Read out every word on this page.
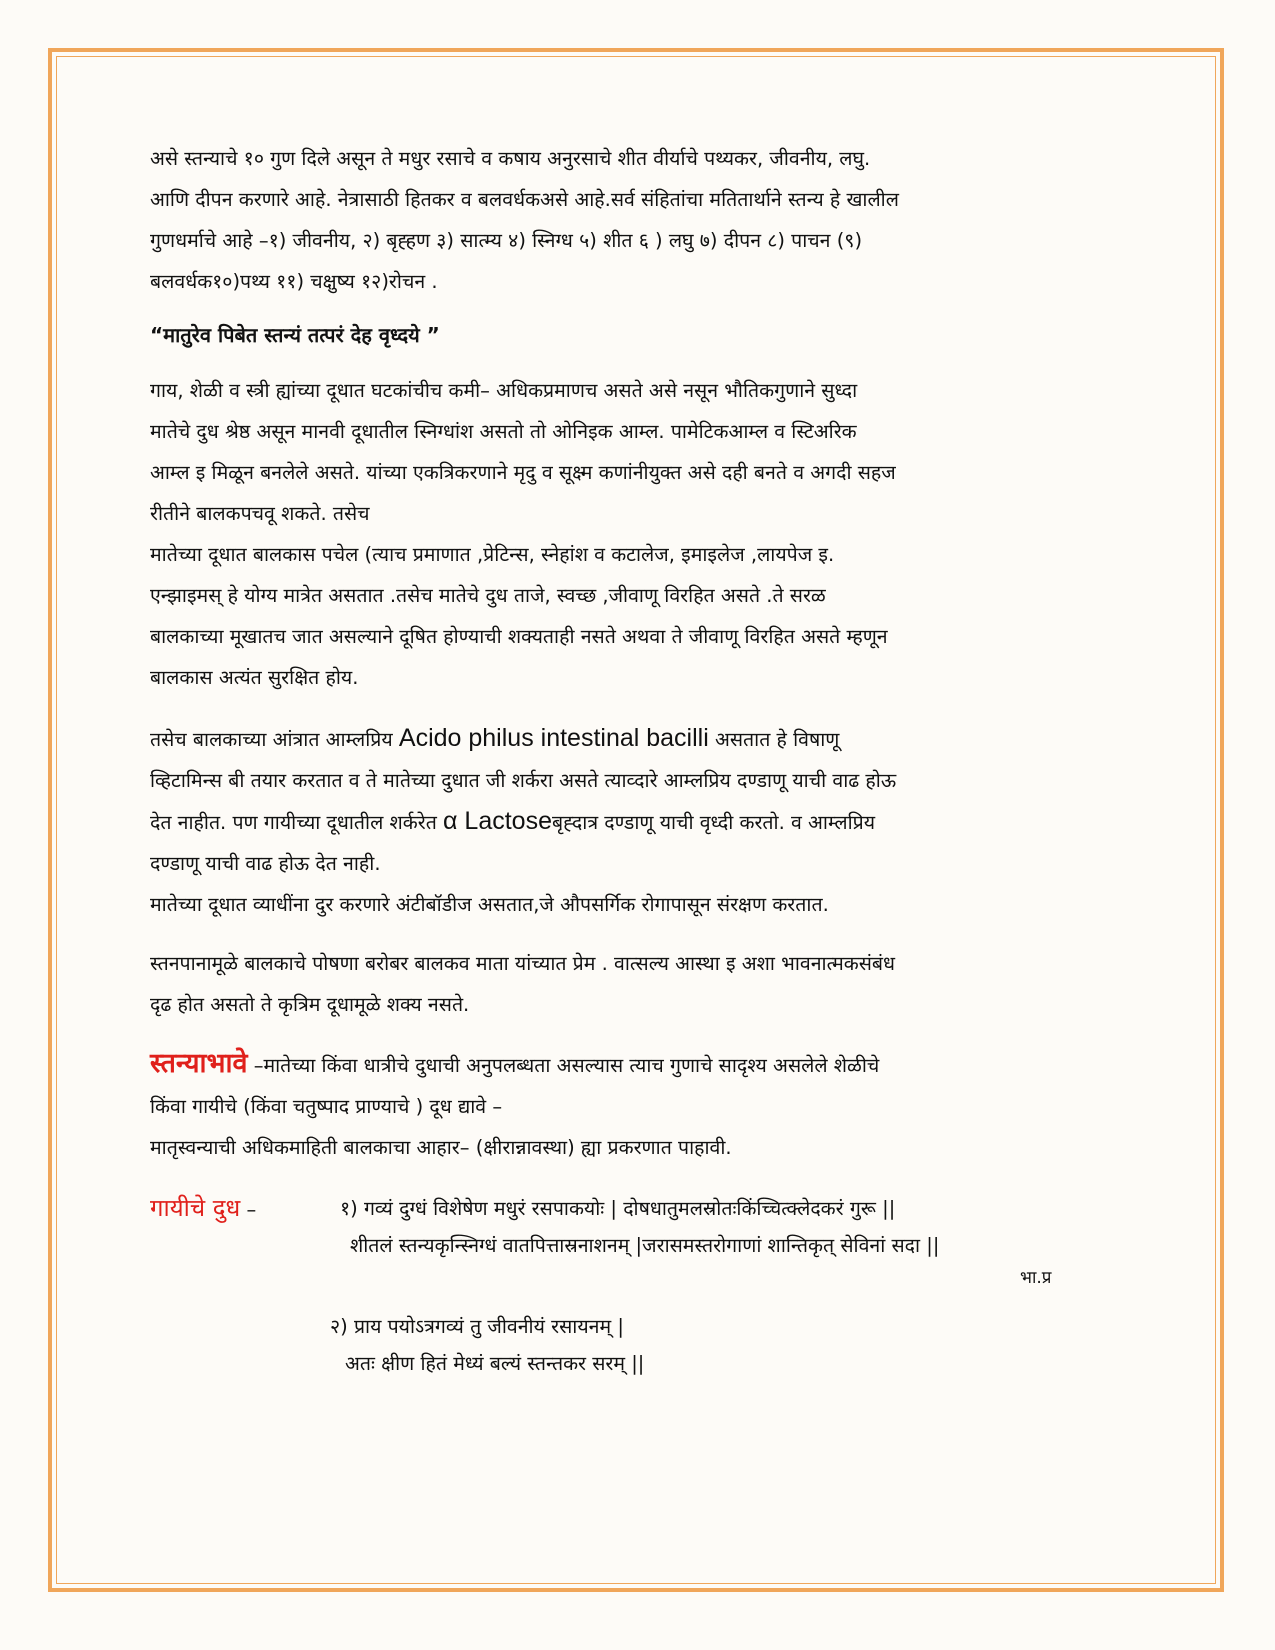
असे स्तन्याचे १० गुण दिले असून ते मधुर रसाचे व कषाय अनुरसाचे शीत वीर्याचे पथ्यकर, जीवनीय, लघु.
आणि दीपन करणारे आहे. नेत्रासाठी हितकर व बलवर्धकअसे आहे.सर्व संहितांचा मतितार्थाने स्तन्य हे खालील
गुणधर्माचे आहे –१) जीवनीय, २) बृह्हण ३) सात्म्य ४) स्निग्ध ५) शीत ६ ) लघु ७) दीपन ८) पाचन (९)
बलवर्धक१०)पथ्य ११) चक्षुष्य १२)रोचन .

“मातुरेव पिबेत स्तन्यं तत्परं देह वृध्दये ”

गाय, शेळी व स्त्री ह्यांच्या दूधात घटकांचीच कमी– अधिकप्रमाणच असते असे नसून भौतिकगुणाने सुध्दा
मातेचे दुध श्रेष्ठ असून मानवी दूधातील स्निग्धांश असतो तो ओनिइक आम्ल. पामेटिकआम्ल व स्टिअरिक
आम्ल इ मिळून बनलेले असते. यांच्या एकत्रिकरणाने मृदु व सूक्ष्म कणांनीयुक्त असे दही बनते व अगदी सहज
रीतीने बालकपचवू शकते. तसेच
मातेच्या दूधात बालकास पचेल (त्याच प्रमाणात ,प्रेटिन्स, स्नेहांश व कटालेज, इमाइलेज ,लायपेज इ.
एन्झाइमस् हे योग्य मात्रेत असतात .तसेच मातेचे दुध ताजे, स्वच्छ ,जीवाणू विरहित असते .ते सरळ
बालकाच्या मूखातच जात असल्याने दूषित होण्याची शक्यताही नसते अथवा ते जीवाणू विरहित असते म्हणून
बालकास अत्यंत सुरक्षित होय.

तसेच बालकाच्या आंत्रात आम्लप्रिय Acido philus intestinal bacilli असतात हे विषाणू
व्हिटामिन्स बी तयार करतात व ते मातेच्या दुधात जी शर्करा असते त्याव्दारे आम्लप्रिय दण्डाणू याची वाढ होऊ
देत नाहीत. पण गायीच्या दूधातील शर्करेत α Lactoseबृह्दात्र दण्डाणू याची वृध्दी करतो. व आम्लप्रिय
दण्डाणू याची वाढ होऊ देत नाही.
मातेच्या दूधात व्याधींना दुर करणारे अंटीबॉडीज असतात,जे औपसर्गिक रोगापासून संरक्षण करतात.

स्तनपानामूळे बालकाचे पोषणा बरोबर बालकव माता यांच्यात प्रेम . वात्सल्य आस्था इ अशा भावनात्मकसंबंध
दृढ होत असतो ते कृत्रिम दूधामूळे शक्य नसते.

स्तन्याभावे –मातेच्या किंवा धात्रीचे दुधाची अनुपलब्धता असल्यास त्याच गुणाचे सादृश्य असलेले शेळीचे
किंवा गायीचे (किंवा चतुष्पाद प्राण्याचे ) दूध द्यावे –
मातृस्वन्याची अधिकमाहिती बालकाचा आहार– (क्षीरान्नावस्था) ह्या प्रकरणात पाहावी.

गायीचे दुध –	१) गव्यं दुग्धं विशेषेण मधुरं रसपाकयोः | दोषधातुमलस्रोतःकिंच्चित्क्लेदकरं गुरू ||
शीतलं स्तन्यकृन्स्निग्धं वातपित्तास्रनाशनम् |जरासमस्तरोगाणां शान्तिकृत् सेविनां सदा ||
भा.प्र
२) प्राय पयोऽत्रगव्यं तु जीवनीयं रसायनम् |
अतः क्षीण हितं मेध्यं बल्यं स्तन्तकर सरम् ||
